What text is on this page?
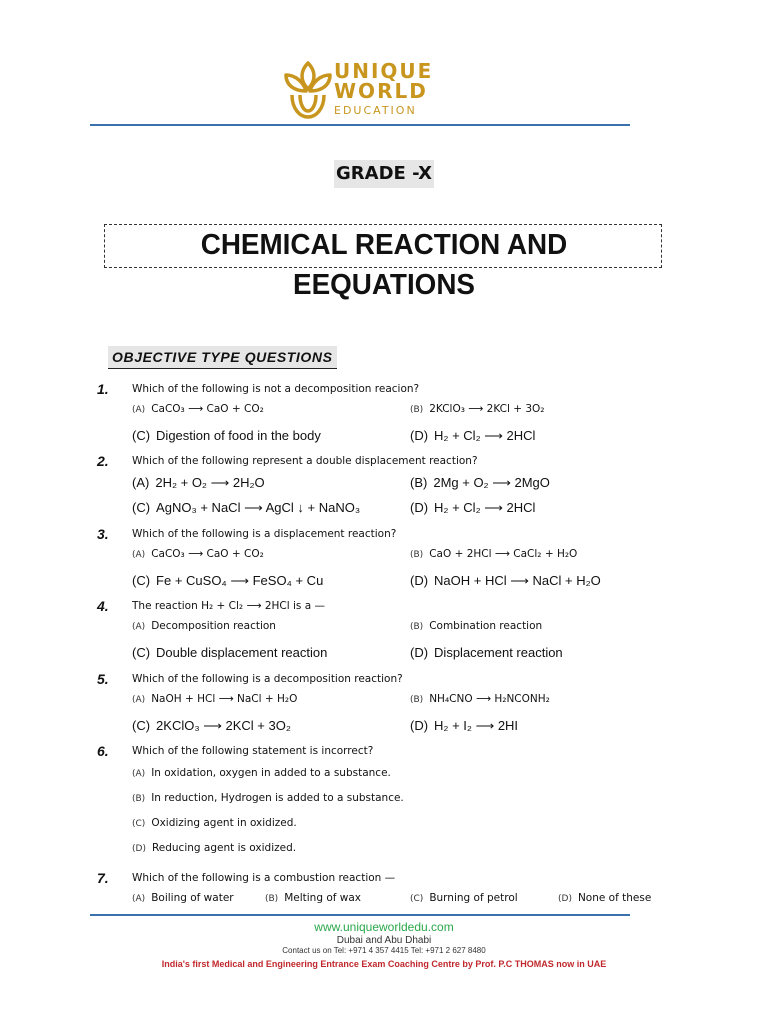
UNIQUE
WORLD
EDUCATION
GRADE -X
CHEMICAL REACTION AND EEQUATIONS
OBJECTIVE TYPE QUESTIONS
1. Which of the following is not a decomposition reacion?
(A) CaCO₃ ⟶ CaO + CO₂	(B) 2KClO₃ ⟶ 2KCl + 3O₂
(C) Digestion of food in the body	(D) H₂ + Cl₂ ⟶ 2HCl
2. Which of the following represent a double displacement reaction?
(A) 2H₂ + O₂ ⟶ 2H₂O	(B) 2Mg + O₂ ⟶ 2MgO
(C) AgNO₃ + NaCl ⟶ AgCl ↓ + NaNO₃	(D) H₂ + Cl₂ ⟶ 2HCl
3. Which of the following is a displacement reaction?
(A) CaCO₃ ⟶ CaO + CO₂	(B) CaO + 2HCl ⟶ CaCl₂ + H₂O
(C) Fe + CuSO₄ ⟶ FeSO₄ + Cu	(D) NaOH + HCl ⟶ NaCl + H₂O
4. The reaction H₂ + Cl₂ ⟶ 2HCl is a —
(A) Decomposition reaction	(B) Combination reaction
(C) Double displacement reaction	(D) Displacement reaction
5. Which of the following is a decomposition reaction?
(A) NaOH + HCl ⟶ NaCl + H₂O	(B) NH₄CNO ⟶ H₂NCONH₂
(C) 2KClO₃ ⟶ 2KCl + 3O₂	(D) H₂ + I₂ ⟶ 2HI
6. Which of the following statement is incorrect?
(A) In oxidation, oxygen in added to a substance.
(B) In reduction, Hydrogen is added to a substance.
(C) Oxidizing agent in oxidized.
(D) Reducing agent is oxidized.
7. Which of the following is a combustion reaction —
(A) Boiling of water	(B) Melting of wax	(C) Burning of petrol	(D) None of these
www.uniqueworldedu.com
Dubai and Abu Dhabi
Contact us on Tel: +971 4 357 4415 Tel: +971 2 627 8480
India's first Medical and Engineering Entrance Exam Coaching Centre by Prof. P.C THOMAS now in UAE
